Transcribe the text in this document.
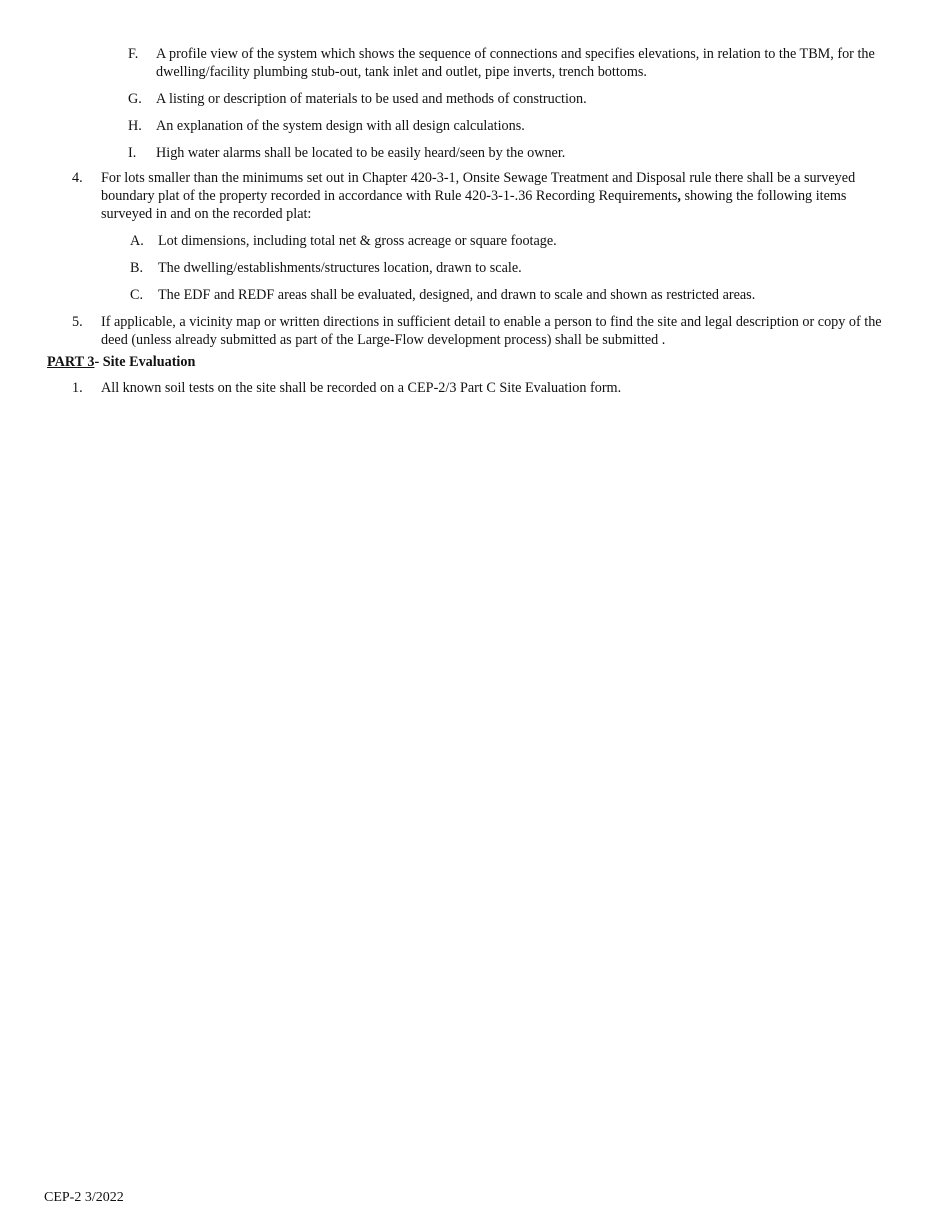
F.	A profile view of the system which shows the sequence of connections and specifies elevations, in relation to the TBM, for the dwelling/facility plumbing stub-out, tank inlet and outlet, pipe inverts, trench bottoms.
G.	A listing or description of materials to be used and methods of construction.
H.	An explanation of the system design with all design calculations.
I.	High water alarms shall be located to be easily heard/seen by the owner.
4.	For lots smaller than the minimums set out in Chapter 420-3-1, Onsite Sewage Treatment and Disposal rule there shall be a surveyed boundary plat of the property recorded in accordance with Rule 420-3-1-.36 Recording Requirements, showing the following items surveyed in and on the recorded plat:
A.	Lot dimensions, including total net & gross acreage or square footage.
B.	The dwelling/establishments/structures location, drawn to scale.
C.	The EDF and REDF areas shall be evaluated, designed, and drawn to scale and shown as restricted areas.
5.	If applicable, a vicinity map or written directions in sufficient detail to enable a person to find the site and legal description or copy of the deed (unless already submitted as part of the Large-Flow development process) shall be submitted .
PART 3- Site Evaluation
1.	All known soil tests on the site shall be recorded on a CEP-2/3 Part C Site Evaluation form.
CEP-2 3/2022
